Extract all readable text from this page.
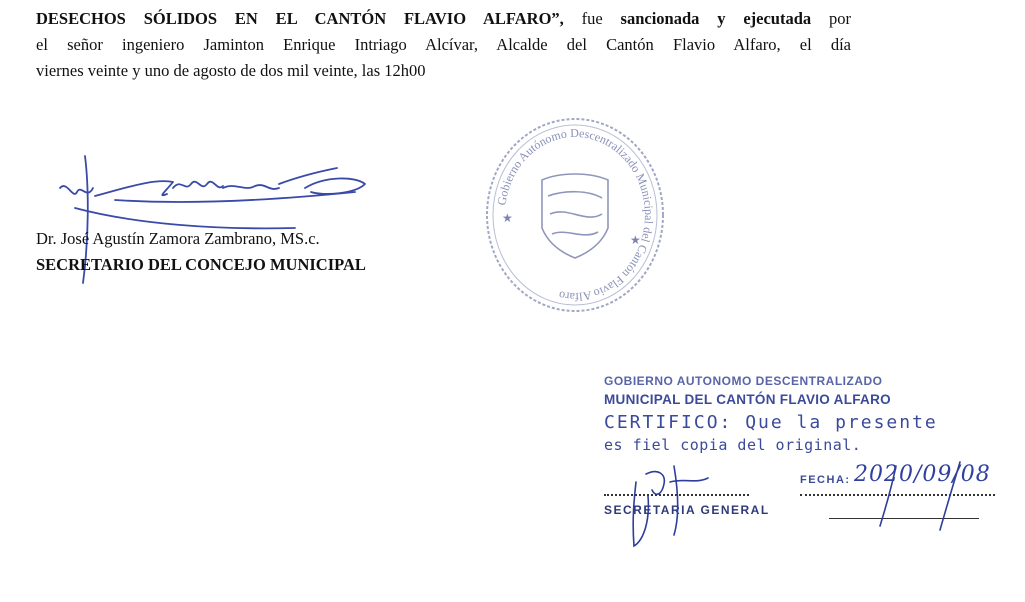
DESECHOS SÓLIDOS EN EL CANTÓN FLAVIO ALFARO”, fue sancionada y ejecutada por
el señor ingeniero Jaminton Enrique Intriago Alcívar, Alcalde del Cantón Flavio Alfaro, el día
viernes veinte y uno de agosto de dos mil veinte, las 12h00
Dr. José Agustín Zamora Zambrano, MS.c.
SECRETARIO DEL CONCEJO MUNICIPAL
Gobierno Autónomo Descentralizado Municipal del Cantón Flavio Alfaro
★
★
GOBIERNO AUTONOMO DESCENTRALIZADO
MUNICIPAL DEL CANTÓN FLAVIO ALFARO
CERTIFICO: Que la presente
es fiel copia del original.
FECHA: 2020/09/08
SECRETARIA GENERAL
